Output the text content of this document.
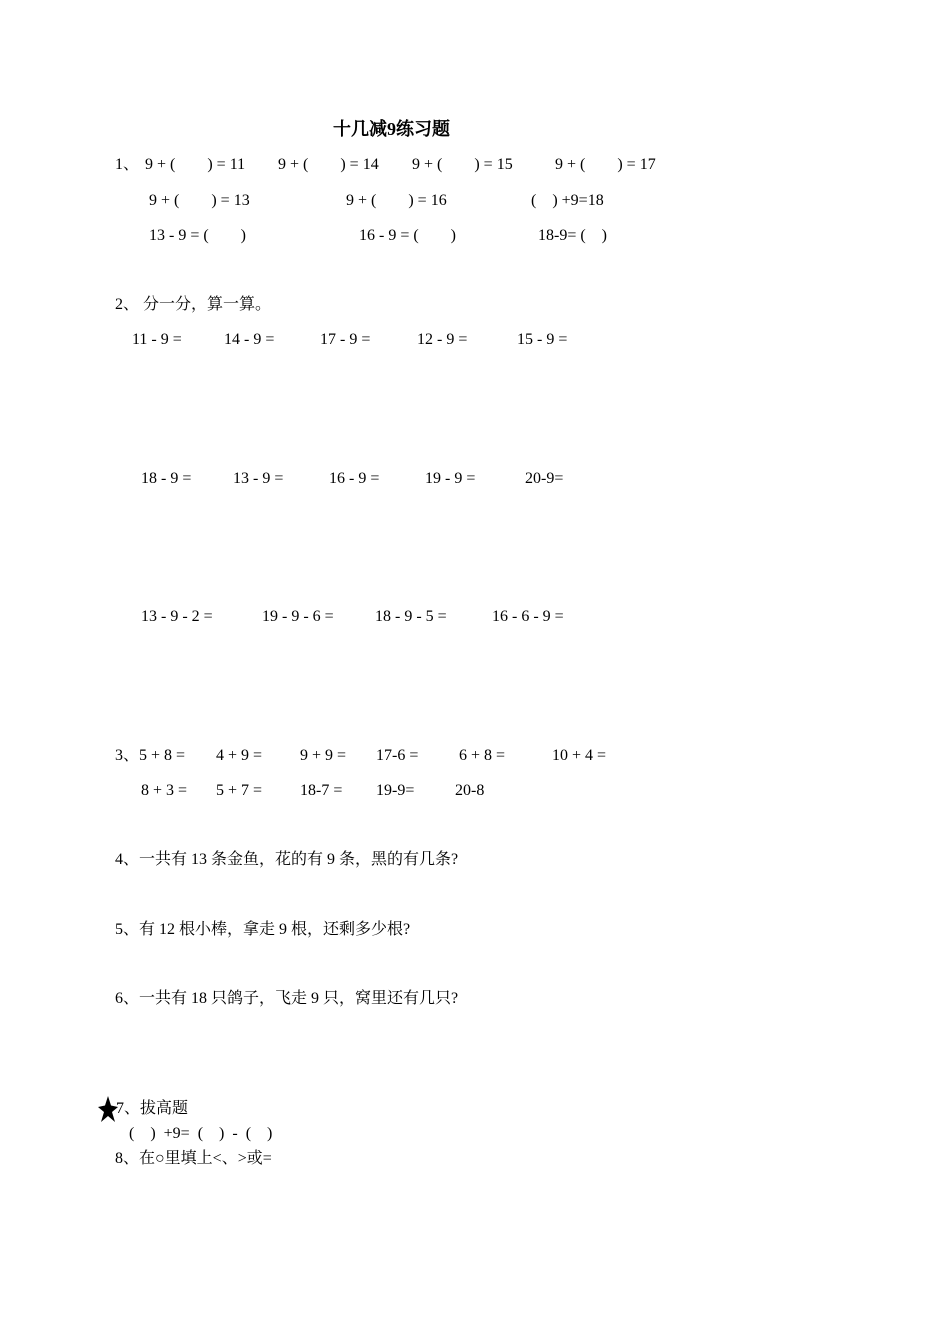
十几减9练习题
1、 9 + (　　) = 11 9 + (　　) = 14 9 + (　　) = 15	9 + (　　) = 17
9 + (　　) = 13	9 + (　　) = 16	(　) +9=18
13 - 9 = (　　)	16 - 9 = (　　)	18-9= (　)
2、 分一分，算一算。
11 - 9 =	14 - 9 =	17 - 9 =	12 - 9 =	15 - 9 =
18 - 9 =	13 - 9 =	16 - 9 =	19 - 9 =	20-9=
13 - 9 - 2 =	19 - 9 - 6 =	18 - 9 - 5 =	16 - 6 - 9 =
3、5 + 8 = 4 + 9 = 9 + 9 = 17-6 =	6 + 8 =	10 + 4 =
8 + 3 = 5 + 7 = 18-7 = 19-9=	20-8
4、一共有 13 条金鱼，花的有 9 条，黑的有几条?
5、有 12 根小棒，拿走 9 根，还剩多少根?
6、一共有 18 只鸽子，飞走 9 只，窝里还有几只?
7、拔高题
(　)  +9=  (　)  -  (　)
8、在○里填上<、>或=
